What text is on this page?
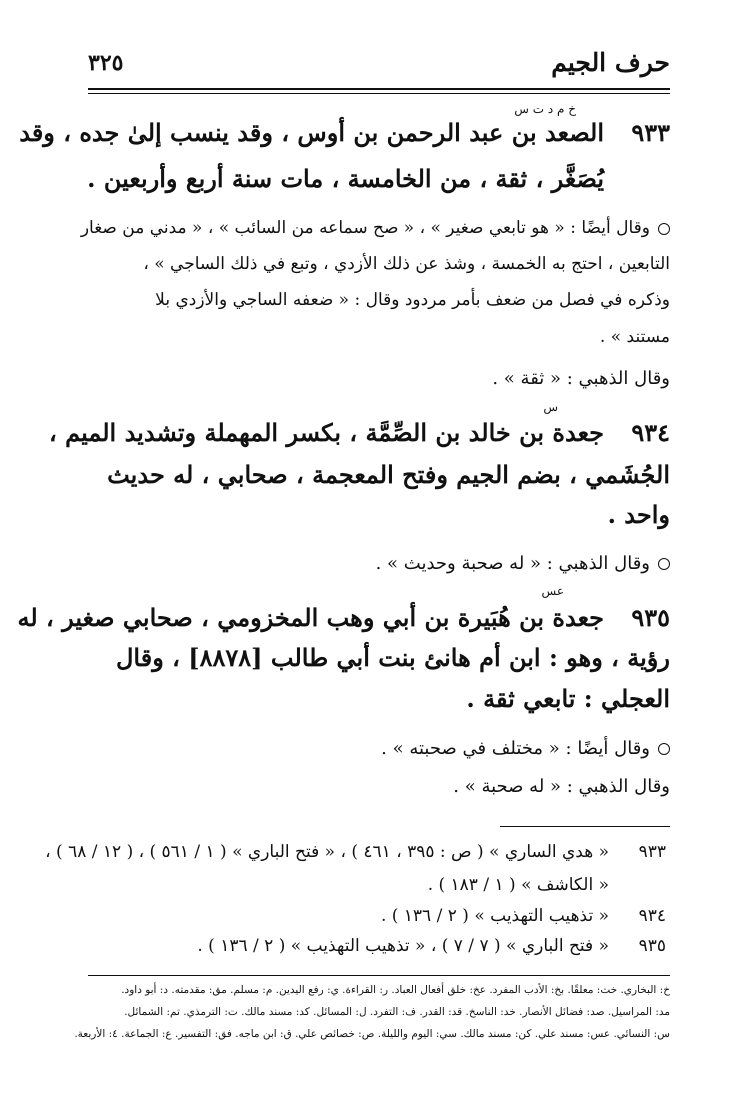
حرف الجيم
٣٢٥
٩٣٣
خ م د ت س
الصعد بن عبد الرحمن بن أوس ، وقد ينسب إلىٰ جده ، وقد
يُصَغَّر ، ثقة ، من الخامسة ، مات سنة أربع وأربعين .
وقال أيضًا : « هو تابعي صغير » ، « صح سماعه من السائب » ، « مدني من صغار
التابعين ، احتج به الخمسة ، وشذ عن ذلك الأزدي ، وتبع في ذلك الساجي » ،
وذكره في فصل من ضعف بأمر مردود وقال : « ضعفه الساجي والأزدي بلا
مستند » .
وقال الذهبي : « ثقة » .
٩٣٤
س
جعدة بن خالد بن الصِّمَّة ، بكسر المهملة وتشديد الميم ،
الجُشَمي ، بضم الجيم وفتح المعجمة ، صحابي ، له حديث
واحد .
وقال الذهبي : « له صحبة وحديث » .
٩٣٥
عس
جعدة بن هُبَيرة بن أبي وهب المخزومي ، صحابي صغير ، له
رؤية ، وهو : ابن أم هانئ بنت أبي طالب [٨٨٧٨] ، وقال
العجلي : تابعي ثقة .
وقال أيضًا : « مختلف في صحبته » .
وقال الذهبي : « له صحبة » .
٩٣٣
« هدي الساري » ( ص : ٣٩٥ ، ٤٦١ ) ، « فتح الباري » ( ١ / ٥٦١ ) ، ( ١٢ / ٦٨ ) ،
« الكاشف » ( ١ / ١٨٣ ) .
٩٣٤
« تذهيب التهذيب » ( ٢ / ١٣٦ ) .
٩٣٥
« فتح الباري » ( ٧ / ٧ ) ، « تذهيب التهذيب » ( ٢ / ١٣٦ ) .
خ: البخاري. خت: معلقًا. بخ: الأدب المفرد. عخ: خلق أفعال العباد. ر: القراءة. ي: رفع اليدين. م: مسلم. مق: مقدمته. د: أبو داود.
مد: المراسيل. صد: فضائل الأنصار. خد: الناسخ. قد: القدر. ف: التفرد. ل: المسائل. كد: مسند مالك. ت: الترمذي. تم: الشمائل.
س: النسائي. عس: مسند علي. كن: مسند مالك. سي: اليوم والليلة. ص: خصائص علي. ق: ابن ماجه. فق: التفسير. ع: الجماعة. ٤: الأربعة.
